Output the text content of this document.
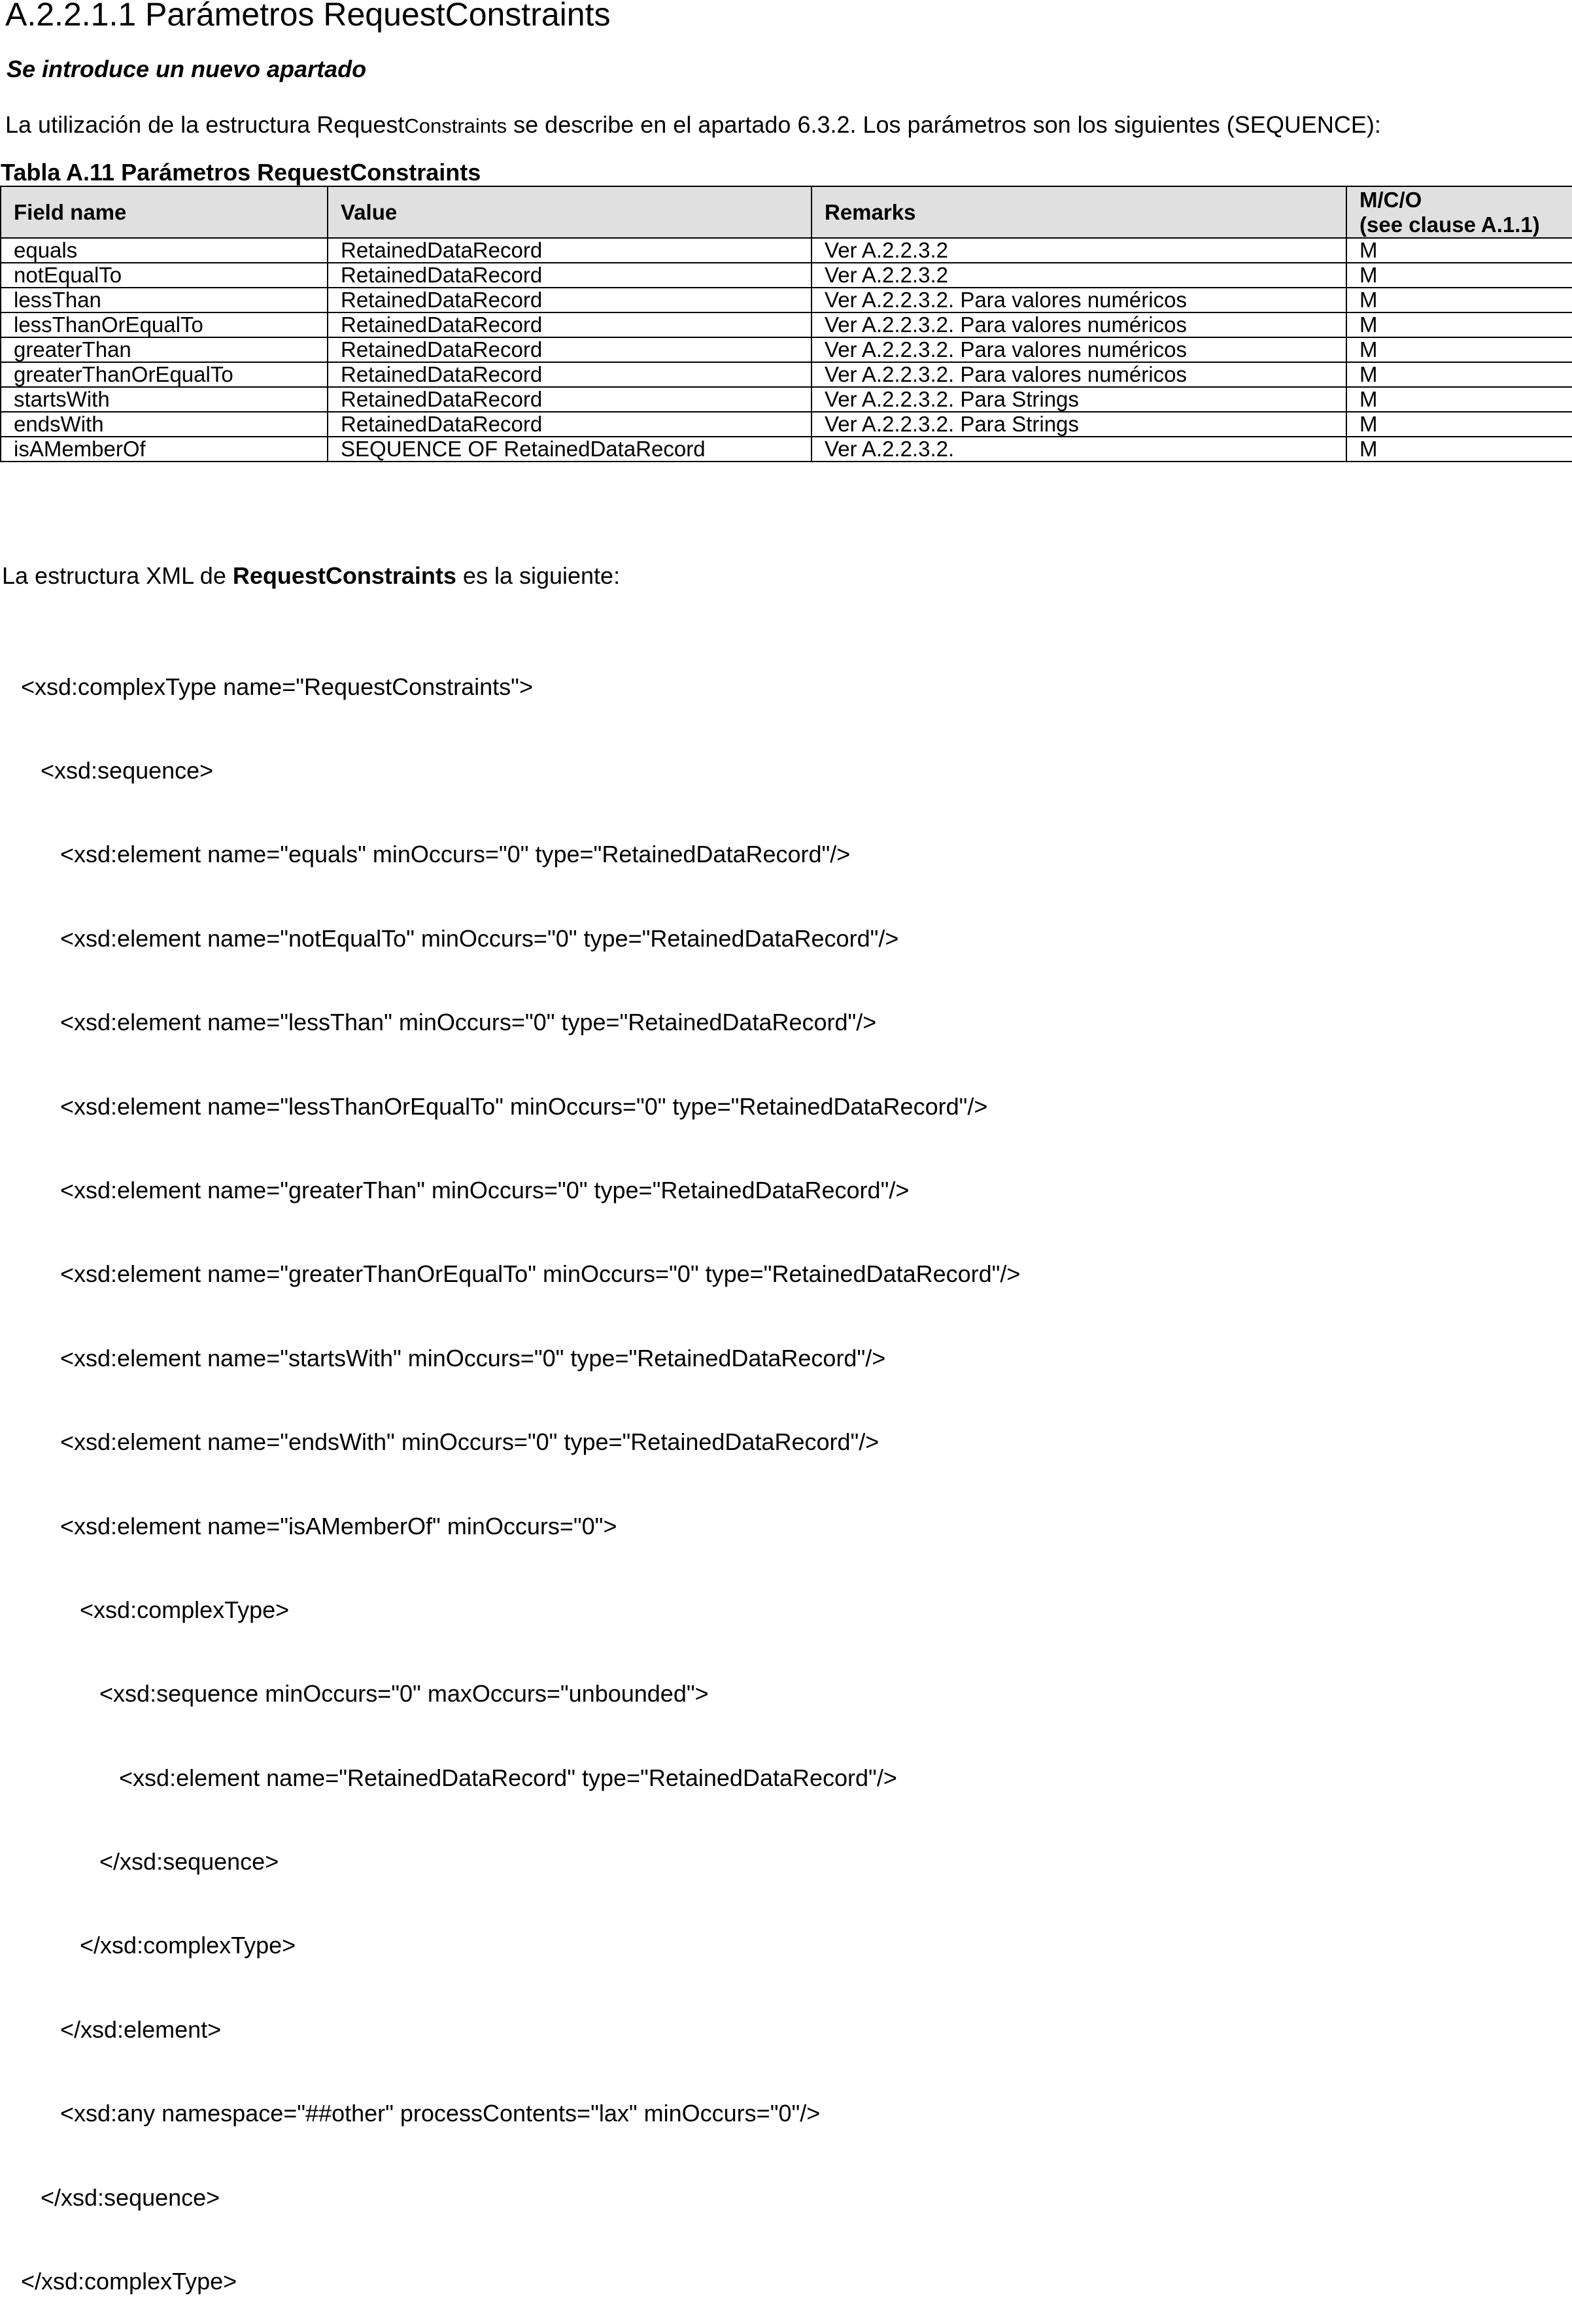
A.2.2.1.1 Parámetros RequestConstraints
Se introduce un nuevo apartado
La utilización de la estructura RequestConstraints se describe en el apartado 6.3.2. Los parámetros son los siguientes (SEQUENCE):
Tabla A.11 Parámetros RequestConstraints
Field name	Value	Remarks	M/C/O
(see clause A.1.1)

equals	RetainedDataRecord	Ver A.2.2.3.2	M
notEqualTo	RetainedDataRecord	Ver A.2.2.3.2	M
lessThan	RetainedDataRecord	Ver A.2.2.3.2. Para valores numéricos	M
lessThanOrEqualTo	RetainedDataRecord	Ver A.2.2.3.2. Para valores numéricos	M
greaterThan	RetainedDataRecord	Ver A.2.2.3.2. Para valores numéricos	M
greaterThanOrEqualTo	RetainedDataRecord	Ver A.2.2.3.2. Para valores numéricos	M
startsWith	RetainedDataRecord	Ver A.2.2.3.2. Para Strings	M
endsWith	RetainedDataRecord	Ver A.2.2.3.2. Para Strings	M
isAMemberOf	SEQUENCE OF RetainedDataRecord	Ver A.2.2.3.2.	M
La estructura XML de RequestConstraints es la siguiente:

<xsd:complexType name="RequestConstraints">

<xsd:sequence>

<xsd:element name="equals" minOccurs="0" type="RetainedDataRecord"/>

<xsd:element name="notEqualTo" minOccurs="0" type="RetainedDataRecord"/>

<xsd:element name="lessThan" minOccurs="0" type="RetainedDataRecord"/>

<xsd:element name="lessThanOrEqualTo" minOccurs="0" type="RetainedDataRecord"/>

<xsd:element name="greaterThan" minOccurs="0" type="RetainedDataRecord"/>

<xsd:element name="greaterThanOrEqualTo" minOccurs="0" type="RetainedDataRecord"/>

<xsd:element name="startsWith" minOccurs="0" type="RetainedDataRecord"/>

<xsd:element name="endsWith" minOccurs="0" type="RetainedDataRecord"/>

<xsd:element name="isAMemberOf" minOccurs="0">

<xsd:complexType>

<xsd:sequence minOccurs="0" maxOccurs="unbounded">

<xsd:element name="RetainedDataRecord" type="RetainedDataRecord"/>

</xsd:sequence>

</xsd:complexType>

</xsd:element>

<xsd:any namespace="##other" processContents="lax" minOccurs="0"/>

</xsd:sequence>

</xsd:complexType>
